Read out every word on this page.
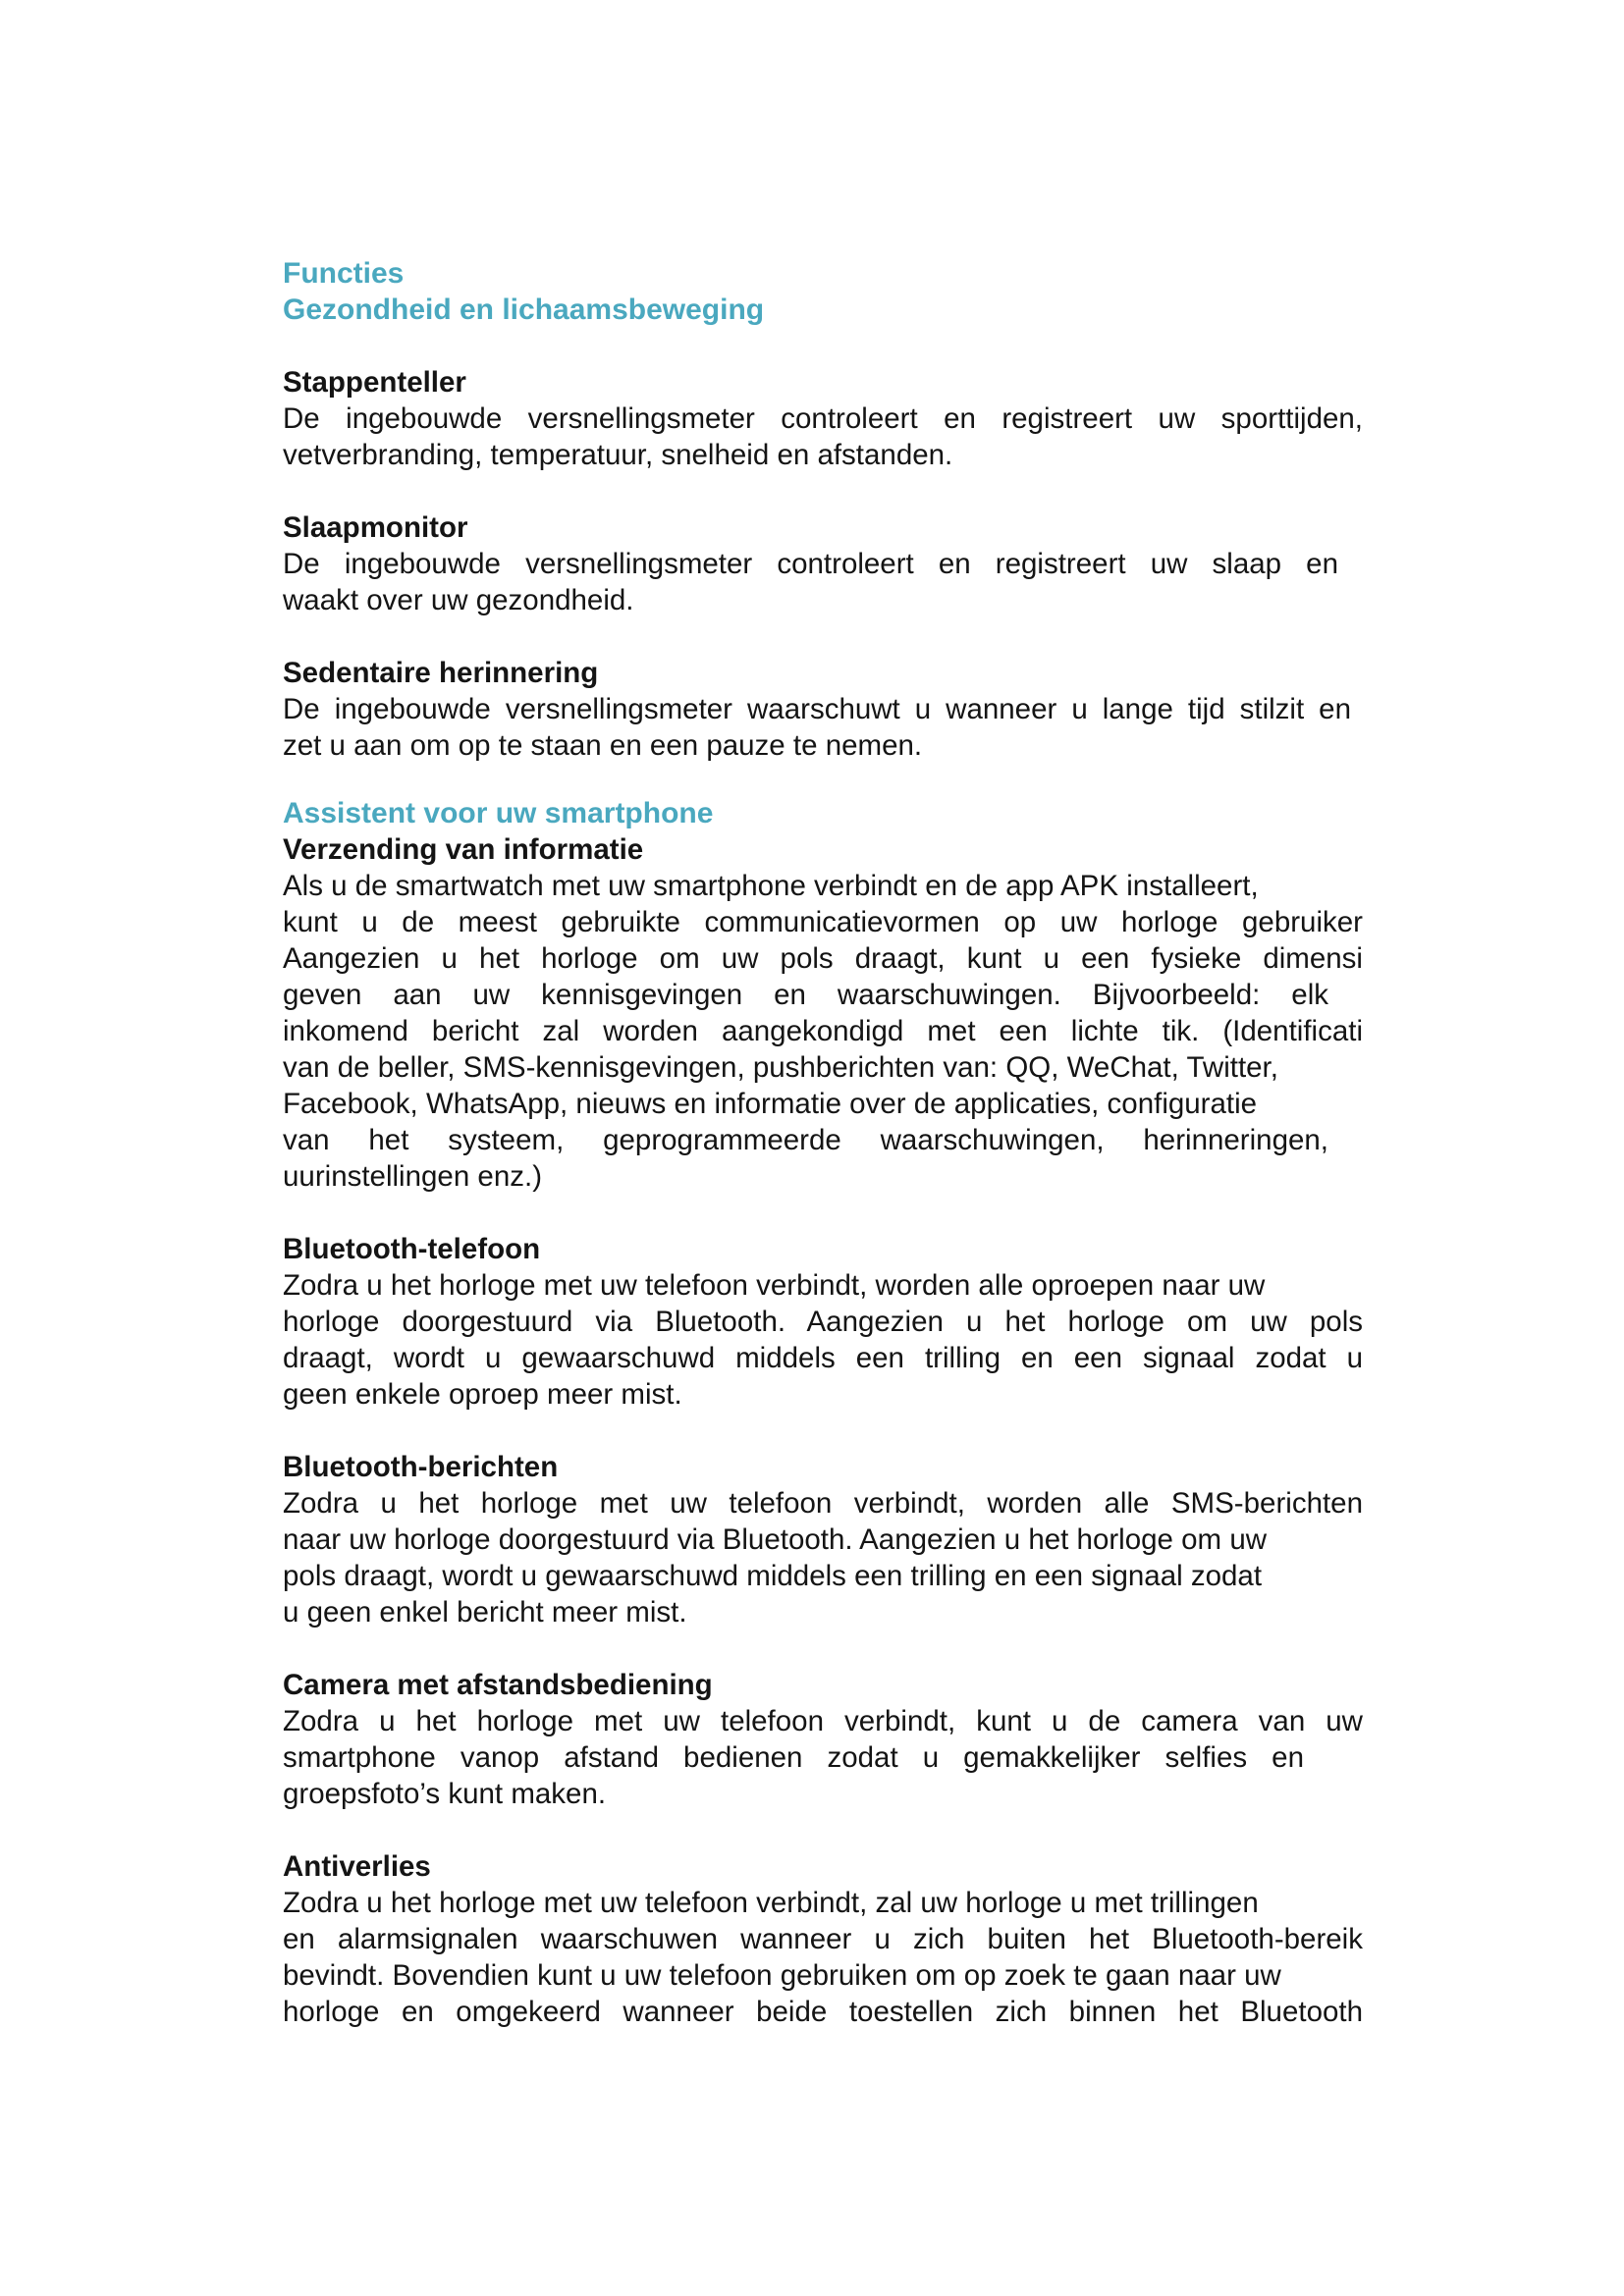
Functies

Gezondheid en lichaamsbeweging

Stappenteller

De ingebouwde versnellingsmeter controleert en registreert uw sporttijden,
vetverbranding, temperatuur, snelheid en afstanden.

Slaapmonitor

De ingebouwde versnellingsmeter controleert en registreert uw slaap en
waakt over uw gezondheid.

Sedentaire herinnering

De ingebouwde versnellingsmeter waarschuwt u wanneer u lange tijd stilzit en
zet u aan om op te staan en een pauze te nemen.

Assistent voor uw smartphone

Verzending van informatie

Als u de smartwatch met uw smartphone verbindt en de app APK installeert,
kunt u de meest gebruikte communicatievormen op uw horloge gebruiker
Aangezien u het horloge om uw pols draagt, kunt u een fysieke dimensi
geven aan uw kennisgevingen en waarschuwingen. Bijvoorbeeld: elk
inkomend bericht zal worden aangekondigd met een lichte tik. (Identificati
van de beller, SMS-kennisgevingen, pushberichten van: QQ, WeChat, Twitter,
Facebook, WhatsApp, nieuws en informatie over de applicaties, configuratie
van het systeem, geprogrammeerde waarschuwingen, herinneringen,
uurinstellingen enz.)

Bluetooth-telefoon

Zodra u het horloge met uw telefoon verbindt, worden alle oproepen naar uw
horloge doorgestuurd via Bluetooth. Aangezien u het horloge om uw pols
draagt, wordt u gewaarschuwd middels een trilling en een signaal zodat u
geen enkele oproep meer mist.

Bluetooth-berichten

Zodra u het horloge met uw telefoon verbindt, worden alle SMS-berichten
naar uw horloge doorgestuurd via Bluetooth. Aangezien u het horloge om uw
pols draagt, wordt u gewaarschuwd middels een trilling en een signaal zodat
u geen enkel bericht meer mist.

Camera met afstandsbediening

Zodra u het horloge met uw telefoon verbindt, kunt u de camera van uw
smartphone vanop afstand bedienen zodat u gemakkelijker selfies en
groepsfoto’s kunt maken.

Antiverlies

Zodra u het horloge met uw telefoon verbindt, zal uw horloge u met trillingen
en alarmsignalen waarschuwen wanneer u zich buiten het Bluetooth-bereik
bevindt. Bovendien kunt u uw telefoon gebruiken om op zoek te gaan naar uw
horloge en omgekeerd wanneer beide toestellen zich binnen het Bluetooth
